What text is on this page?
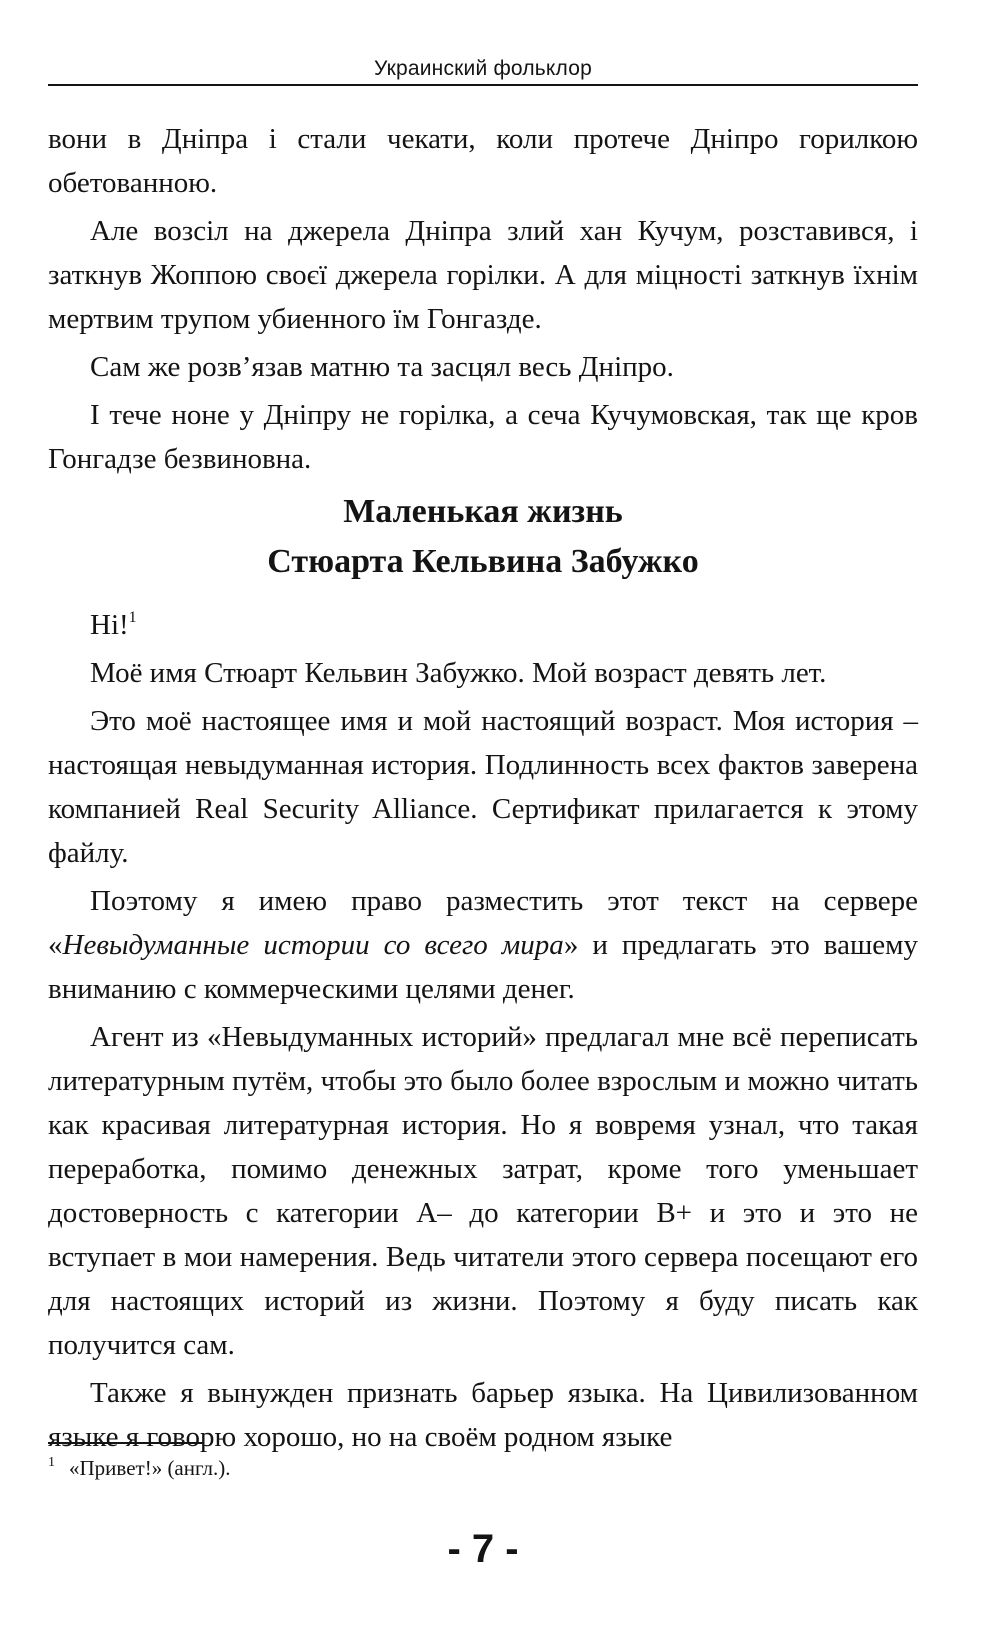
Украинский фольклор

вони в Дніпра і стали чекати, коли протече Дніпро горилкою обетованною.

Але возсіл на джерела Дніпра злий хан Кучум, розставився, і заткнув Жоппою своєї джерела горілки. А для міцності заткнув їхнім мертвим трупом убиенного їм Гонгазде.

Сам же розв’язав матню та засцял весь Дніпро.

І тече ноне у Дніпру не горілка, а сеча Кучумовская, так ще кров Гонгадзе безвиновна.

Маленькая жизнь
Стюарта Кельвина Забужко

Hi!$^1$

Моё имя Стюарт Кельвин Забужко. Мой возраст девять лет.

Это моё настоящее имя и мой настоящий возраст. Моя история – настоящая невыдуманная история. Подлинность всех фактов заверена компанией Real Security Alliance. Сертификат прилагается к этому файлу.

Поэтому я имею право разместить этот текст на сервере «Невыдуманные истории со всего мира» и предлагать это вашему вниманию с коммерческими целями денег.

Агент из «Невыдуманных историй» предлагал мне всё переписать литературным путём, чтобы это было более взрослым и можно читать как красивая литературная история. Но я вовремя узнал, что такая переработка, помимо денежных затрат, кроме того уменьшает достоверность с категории А– до категории В+ и это и это не вступает в мои намерения. Ведь читатели этого сервера посещают его для настоящих историй из жизни. Поэтому я буду писать как получится сам.

Также я вынужден признать барьер языка. На Цивилизованном языке я говорю хорошо, но на своём родном языке

$^1$ «Привет!» (англ.).
- 7 -
